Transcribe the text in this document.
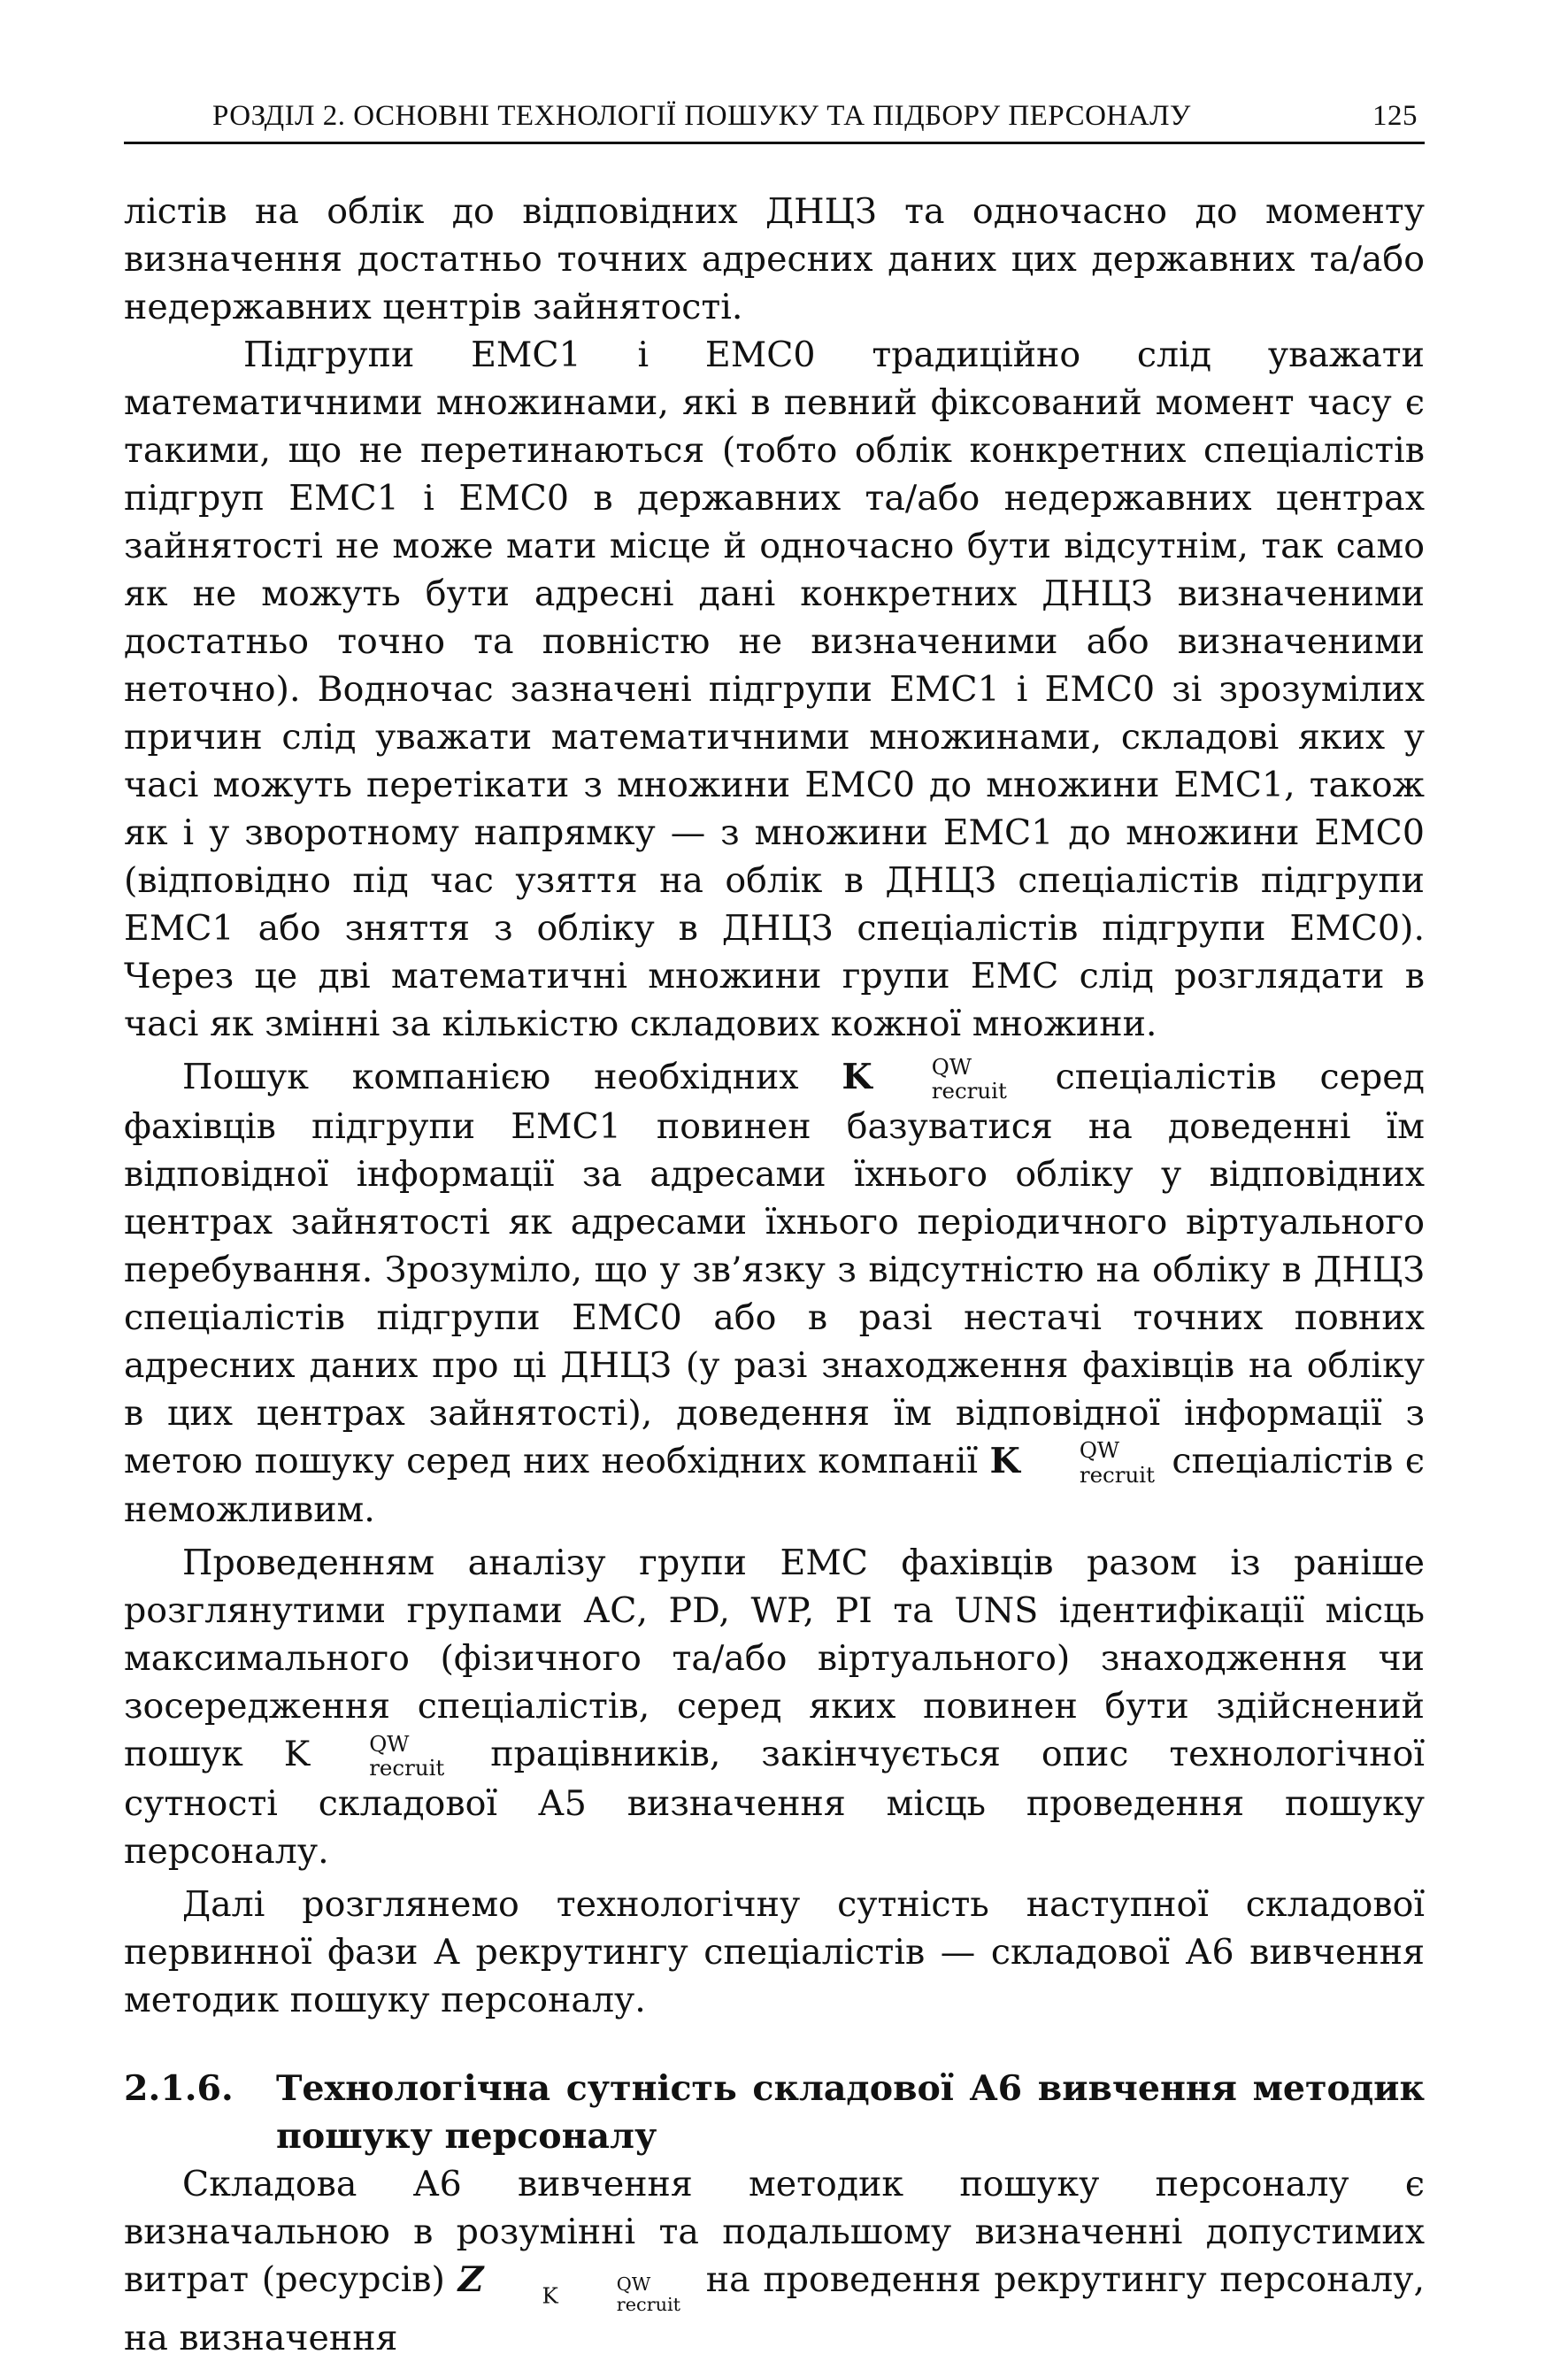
РОЗДІЛ 2. ОСНОВНІ ТЕХНОЛОГІЇ ПОШУКУ ТА ПІДБОРУ ПЕРСОНАЛУ	125

лістів на облік до відповідних ДНЦЗ та одночасно до моменту визначення достатньо точних адресних даних цих державних та/або недержавних центрів зайнятості.

Підгрупи ЕМС1 і ЕМС0 традиційно слід уважати математичними множинами, які в певний фіксований момент часу є такими, що не перетинаються (тобто облік конкретних спеціалістів підгруп ЕМС1 і ЕМС0 в державних та/або недержавних центрах зайнятості не може мати місце й одночасно бути відсутнім, так само як не можуть бути адресні дані конкретних ДНЦЗ визначеними достатньо точно та повністю не визначеними або визначеними неточно). Водночас зазначені підгрупи ЕМС1 і ЕМС0 зі зрозумілих причин слід уважати математичними множинами, складові яких у часі можуть перетікати з множини ЕМС0 до множини ЕМС1, також як і у зворотному напрямку — з множини ЕМС1 до множини ЕМС0 (відповідно під час узяття на облік в ДНЦЗ спеціалістів підгрупи ЕМС1 або зняття з обліку в ДНЦЗ спеціалістів підгрупи ЕМС0). Через це дві математичні множини групи ЕМС слід розглядати в часі як змінні за кількістю складових кожної множини.

Пошук компанією необхідних K	QW
recruit спеціалістів серед фахівців підгрупи ЕМС1 повинен базуватися на доведенні їм відповідної інформації за адресами їхнього обліку у відповідних центрах зайнятості як адресами їхнього періодичного віртуального перебування. Зрозуміло, що у зв’язку з відсутністю на обліку в ДНЦЗ спеціалістів підгрупи ЕМС0 або в разі нестачі точних повних адресних даних про ці ДНЦЗ (у разі знаходження фахівців на обліку в цих центрах зайнятості), доведення їм відповідної інформації з метою пошуку серед них необхідних компанії K	QW
recruit спеціалістів є неможливим.

Проведенням аналізу групи ЕМС фахівців разом із раніше розглянутими групами АС, PD, WP, PI та UNS ідентифікації місць максимального (фізичного та/або віртуального) знаходження чи зосередження спеціалістів, серед яких повинен бути здійснений пошук K	QW
recruit працівників, закінчується опис технологічної сутності складової А5 визначення місць проведення пошуку персоналу.

Далі розглянемо технологічну сутність наступної складової первинної фази А рекрутингу спеціалістів — складової А6 вивчення методик пошуку персоналу.

2.1.6.	Технологічна сутність складової А6 вивчення методик пошуку персоналу

Складова А6 вивчення методик пошуку персоналу є визначальною в розумінні та подальшому визначенні допустимих витрат (ресурсів) Z	K	QW
recruit
на проведення рекрутингу персоналу, на визначення
